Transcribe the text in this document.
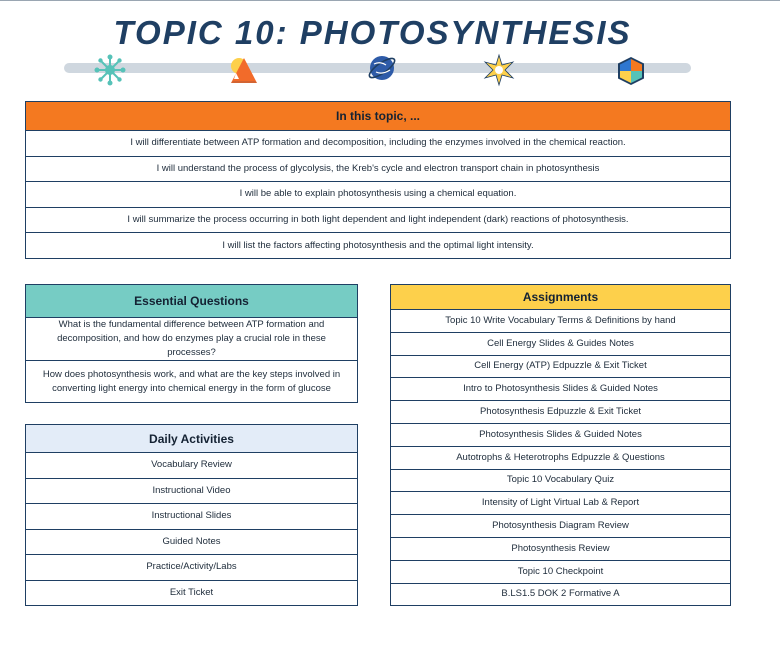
TOPIC 10: PHOTOSYNTHESIS
In this topic, ...
I will differentiate between ATP formation and decomposition, including the enzymes involved in the chemical reaction.
I will understand the process of glycolysis, the Kreb's cycle and electron transport chain in photosynthesis
I will be able to explain photosynthesis using a chemical equation.
I will summarize the process occurring in both light dependent and light independent (dark) reactions of photosynthesis.
I will list the factors affecting photosynthesis and the optimal light intensity.
Essential Questions
What is the fundamental difference between ATP formation and decomposition, and how do enzymes play a crucial role in these processes?
How does photosynthesis work, and what are the key steps involved in converting light energy into chemical energy in the form of glucose
Daily Activities
Vocabulary Review
Instructional Video
Instructional Slides
Guided Notes
Practice/Activity/Labs
Exit Ticket
Assignments
Topic 10 Write Vocabulary Terms & Definitions by hand
Cell Energy Slides & Guides Notes
Cell Energy (ATP) Edpuzzle & Exit Ticket
Intro to Photosynthesis Slides & Guided Notes
Photosynthesis Edpuzzle & Exit Ticket
Photosynthesis Slides & Guided Notes
Autotrophs & Heterotrophs Edpuzzle & Questions
Topic 10 Vocabulary Quiz
Intensity of Light Virtual Lab & Report
Photosynthesis Diagram Review
Photosynthesis Review
Topic 10 Checkpoint
B.LS1.5 DOK 2 Formative A
